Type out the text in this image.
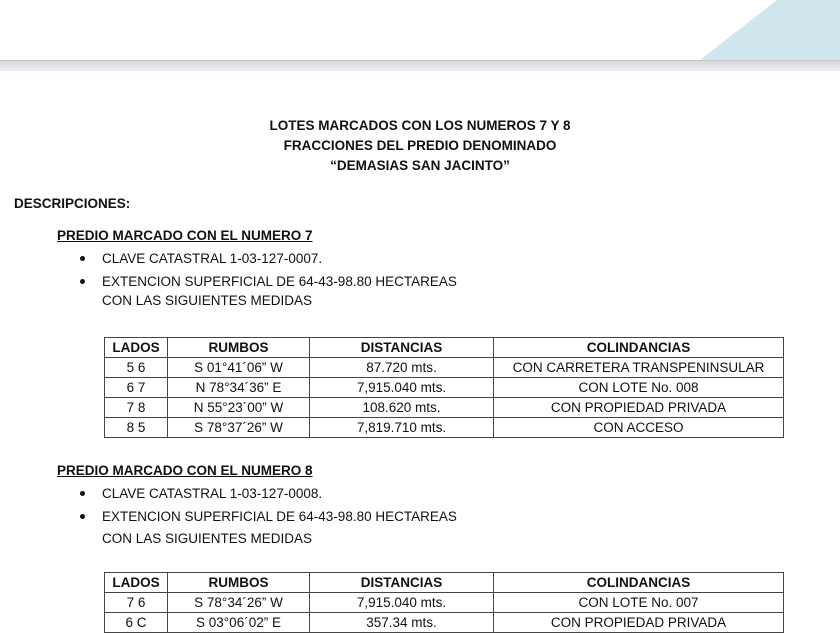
LOTES MARCADOS CON LOS NUMEROS 7 Y 8
FRACCIONES DEL PREDIO DENOMINADO
“DEMASIAS SAN JACINTO”
DESCRIPCIONES:
PREDIO MARCADO CON EL NUMERO 7
CLAVE CATASTRAL 1-03-127-0007.
EXTENCION SUPERFICIAL DE 64-43-98.80 HECTAREAS
CON LAS SIGUIENTES MEDIDAS
LADOS	RUMBOS	DISTANCIAS	COLINDANCIAS
5 6	S 01°41´06” W	87.720 mts.	CON CARRETERA TRANSPENINSULAR
6 7	N 78°34´36” E	7,915.040 mts.	CON LOTE No. 008
7 8	N 55°23´00” W	108.620 mts.	CON PROPIEDAD PRIVADA
8 5	S 78°37´26” W	7,819.710 mts.	CON ACCESO
PREDIO MARCADO CON EL NUMERO 8
CLAVE CATASTRAL 1-03-127-0008.
EXTENCION SUPERFICIAL DE 64-43-98.80 HECTAREAS
CON LAS SIGUIENTES MEDIDAS
LADOS	RUMBOS	DISTANCIAS	COLINDANCIAS
7 6	S 78°34´26” W	7,915.040 mts.	CON LOTE No. 007
6 C	S 03°06´02” E	357.34 mts.	CON PROPIEDAD PRIVADA
